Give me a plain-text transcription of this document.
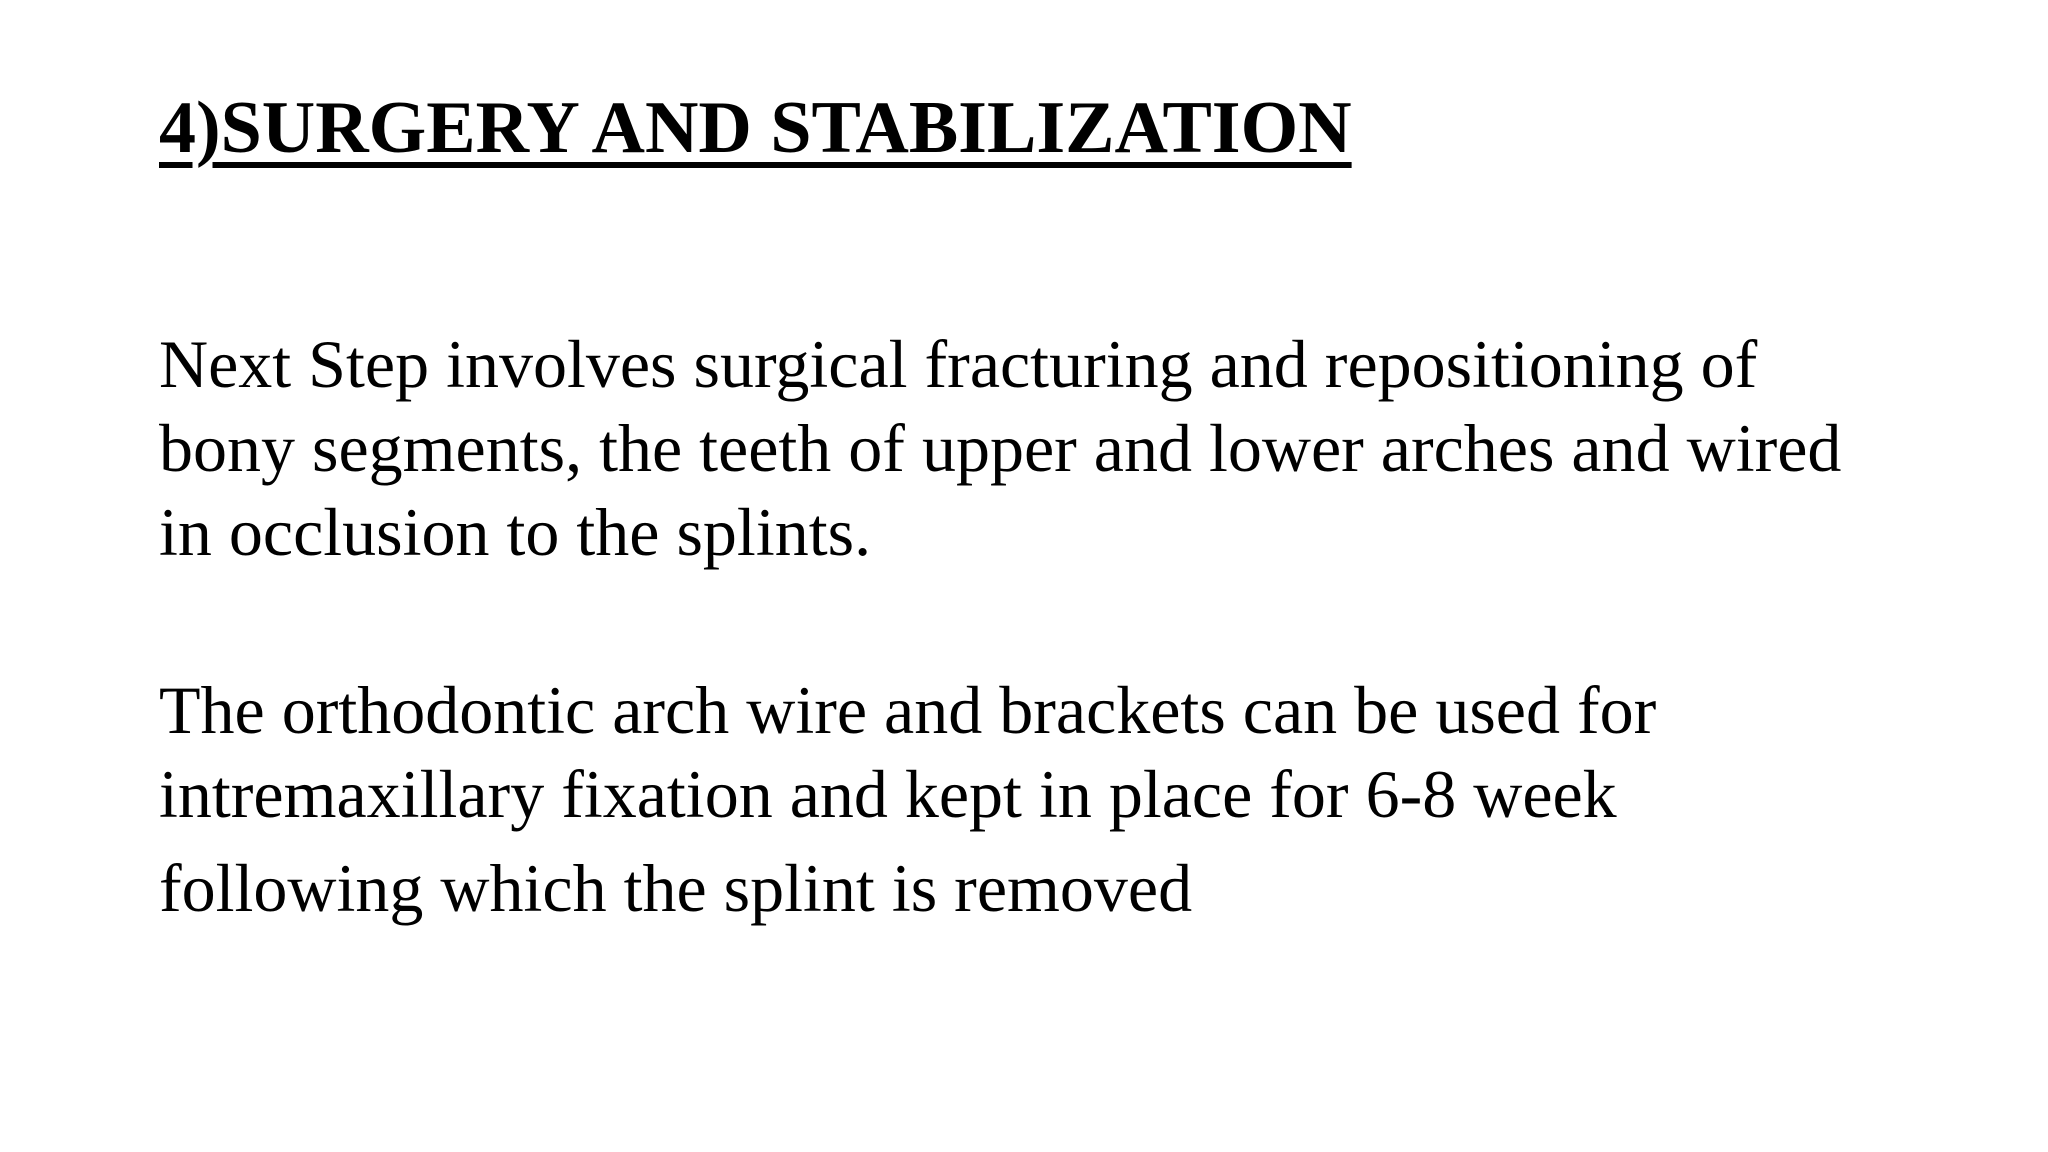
4)SURGERY AND STABILIZATION

Next Step involves surgical fracturing and repositioning of
bony segments, the teeth of upper and lower arches and wired
in occlusion to the splints.

The orthodontic arch wire and brackets can be used for
intremaxillary fixation and kept in place for 6-8 week
following which the splint is removed
